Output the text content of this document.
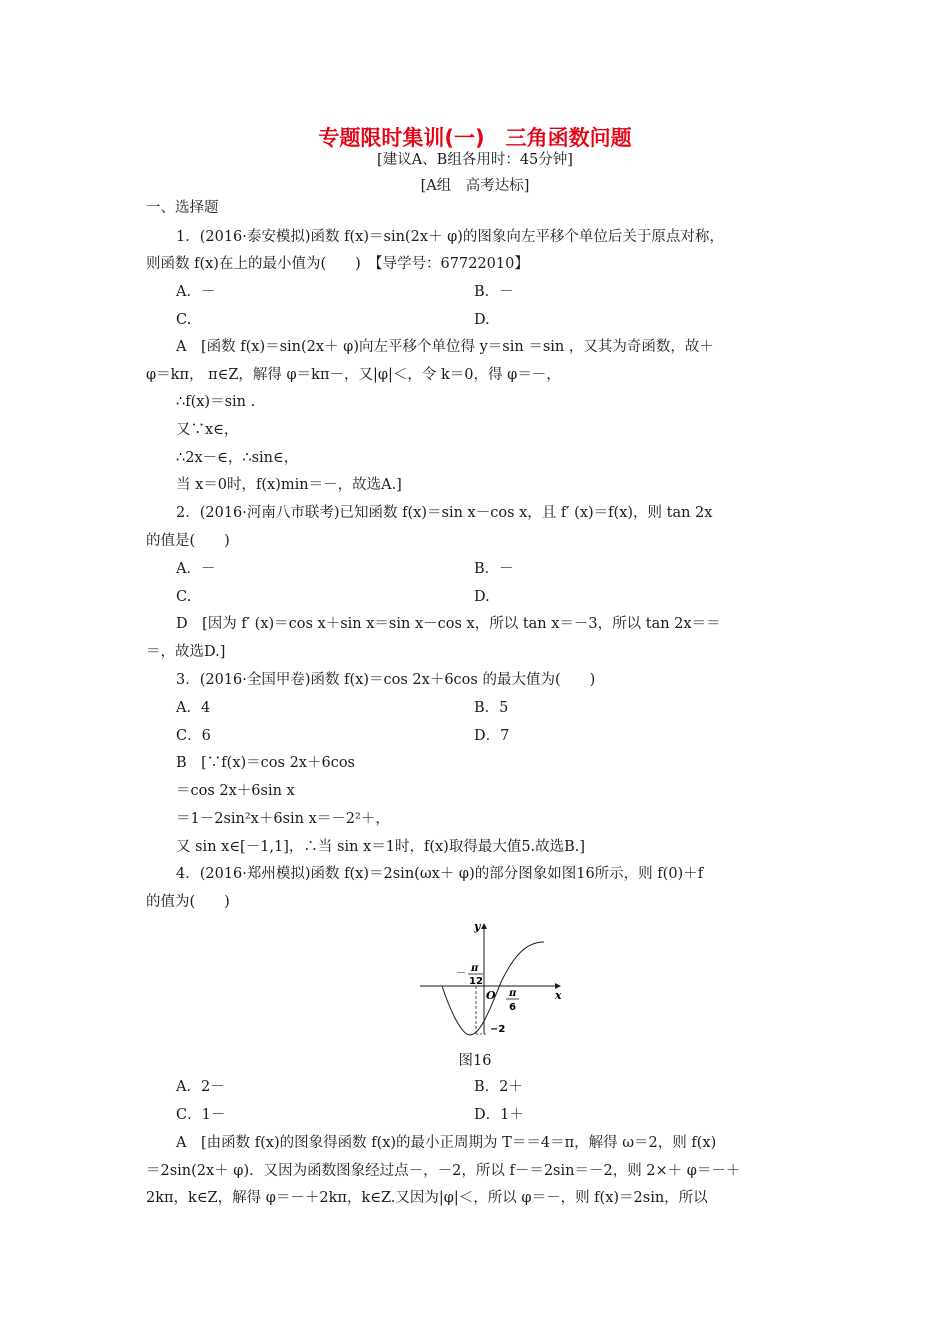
专题限时集训(一)　三角函数问题
[建议A、B组各用时：45分钟]
[A组　高考达标]
一、选择题
1．(2016·泰安模拟)函数 f(x)＝sin(2x＋ φ)的图象向左平移个单位后关于原点对称，
则函数 f(x)在上的最小值为(　　)　【导学号：67722010】
A．－	B．－
C.	D.
A　[函数 f(x)＝sin(2x＋ φ)向左平移个单位得 y＝sin ＝sin ，又其为奇函数，故＋
φ＝kπ， π∈Z，解得 φ＝kπ－，又|φ|＜，令 k＝0，得 φ＝－，
∴f(x)＝sin .
又∵x∈，
∴2x－∈，∴sin∈，
当 x＝0时，f(x)min＝－，故选A.]
2．(2016·河南八市联考)已知函数 f(x)＝sin x－cos x，且 f′ (x)＝f(x)，则 tan 2x
的值是(　　)
A．－	B．－
C.	D.
D　[因为 f′ (x)＝cos x＋sin x＝sin x－cos x，所以 tan x＝－3，所以 tan 2x＝＝
＝，故选D.]
3．(2016·全国甲卷)函数 f(x)＝cos 2x＋6cos 的最大值为(　　)
A．4	B．5
C．6	D．7
B　[∵f(x)＝cos 2x＋6cos
＝cos 2x＋6sin x
＝1－2sin²x＋6sin x＝－2²＋，
又 sin x∈[－1,1]，∴当 sin x＝1时，f(x)取得最大值5.故选B.]
4．(2016·郑州模拟)函数 f(x)＝2sin(ωx＋ φ)的部分图象如图16所示，则 f(0)＋f
的值为(　　)
y
x
O
－ π
12
π
6
−2
图16
A．2－	B．2＋
C．1－	D．1＋
A　[由函数 f(x)的图象得函数 f(x)的最小正周期为 T＝＝4＝π，解得 ω＝2，则 f(x)
＝2sin(2x＋ φ)．又因为函数图象经过点－，－2，所以 f－＝2sin＝－2，则 2×＋ φ＝－＋
2kπ，k∈Z，解得 φ＝－＋2kπ，k∈Z.又因为|φ|＜，所以 φ＝－，则 f(x)＝2sin，所以
